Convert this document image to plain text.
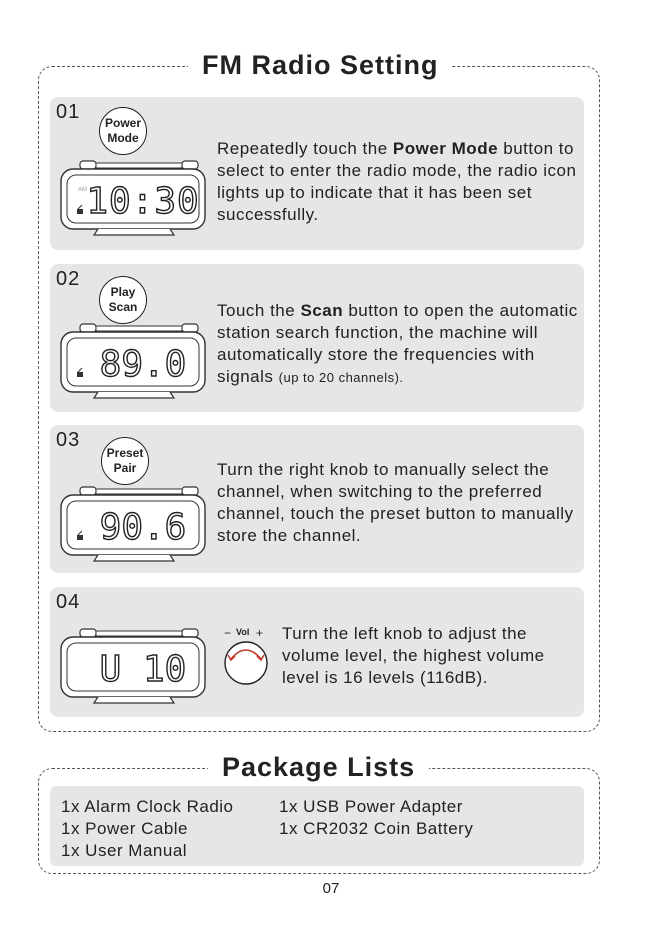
FM Radio Setting
01 Power
Mode
AM 10:30
Repeatedly touch the Power Mode button to select to enter the radio mode, the radio icon lights up to indicate that it has been set successfully.
02
Play
Scan
89.0
Touch the Scan button to open the automatic station search function, the machine will automatically store the frequencies with signals (up to 20 channels).
03
Preset
Pair
90.6
Turn the right knob to manually select the channel, when switching to the preferred channel, touch the preset button to manually store the channel.
04
U 10
− Vol + Turn the left knob to adjust the volume level, the highest volume level is 16 levels (116dB).
Package Lists
1x Alarm Clock Radio	1x USB Power Adapter
1x Power Cable	1x CR2032 Coin Battery
1x User Manual
07
